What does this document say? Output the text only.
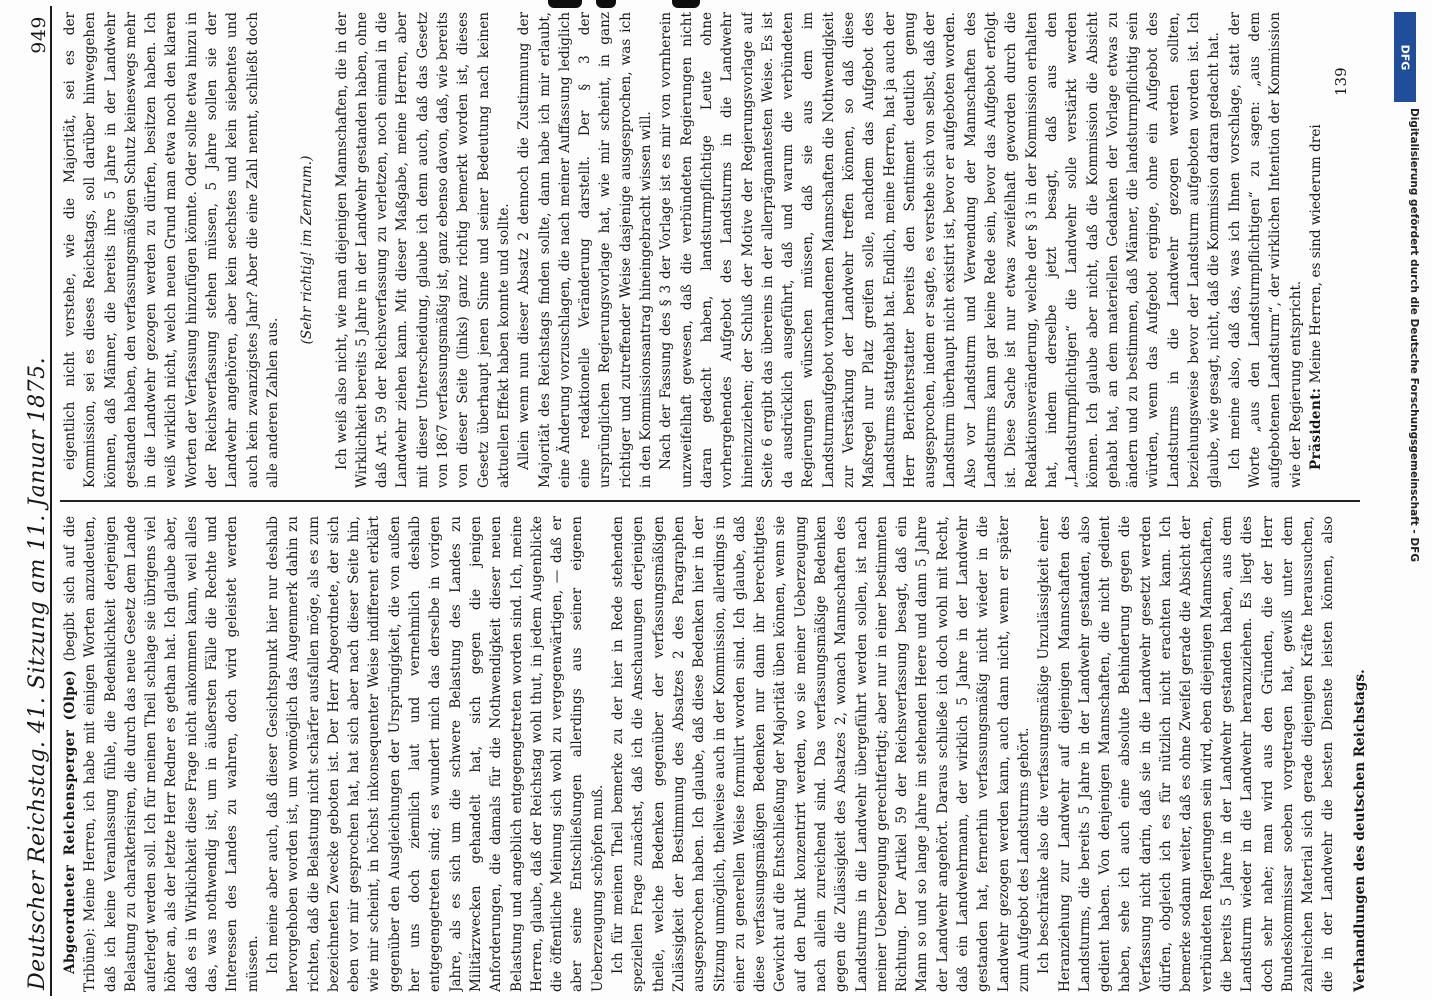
Deutscher Reichstag. 41. Sitzung am 11. Januar 1875.
949

Abgeordneter Reichensperger (Olpe) (begibt sich auf die Tribüne): Meine Herren, ich habe mit einigen Worten anzudeuten, daß ich keine Veranlassung fühle, die Bedenklichkeit derjenigen Belastung zu charakterisiren, die durch das neue Gesetz dem Lande auferlegt werden soll. Ich für meinen Theil schlage sie übrigens viel höher an, als der letzte Herr Redner es gethan hat. Ich glaube aber, daß es in Wirklichkeit diese Frage nicht ankommen kann, weil alles das, was nothwendig ist, um in äußersten Fälle die Rechte und Interessen des Landes zu wahren, doch wird geleistet werden müssen. Ich meine aber auch, daß dieser Gesichtspunkt hier nur deshalb hervorgehoben worden ist, um womöglich das Augenmerk dahin zu richten, daß die Belastung nicht schärfer ausfallen möge, als es zum bezeichneten Zwecke geboten ist. Der Herr Abgeordnete, der sich eben vor mir gesprochen hat, hat sich aber nach dieser Seite hin, wie mir scheint, in höchst inkonsequenter Weise indifferent erklärt gegenüber den Ausgleichungen der Ursprüngigkeit, die von außen her uns doch ziemlich laut und vernehmlich deshalb entgegengetreten sind; es wundert mich das derselbe in vorigen Jahre, als es sich um die schwere Belastung des Landes zu Militärzwecken gehandelt hat, sich gegen die jenigen Anforderungen, die damals für die Nothwendigkeit dieser neuen Belastung und angeblich entgegengetreten worden sind. Ich, meine Herren, glaube, daß der Reichstag wohl thut, in jedem Augenblicke die öffentliche Meinung sich wohl zu vergegenwärtigen, — daß er aber seine Entschließungen allerdings aus seiner eigenen Ueberzeugung schöpfen muß. Ich für meinen Theil bemerke zu der hier in Rede stehenden speziellen Frage zunächst, daß ich die Anschauungen derjenigen theile, welche Bedenken gegenüber der verfassungsmäßigen Zulässigkeit der Bestimmung des Absatzes 2 des Paragraphen ausgesprochen haben. Ich glaube, daß diese Bedenken hier in der Sitzung unmöglich, theilweise auch in der Kommission, allerdings in einer zu generellen Weise formulirt worden sind. Ich glaube, daß diese verfassungsmäßigen Bedenken nur dann ihr berechtigtes Gewicht auf die Entschließung der Majorität üben können, wenn sie auf den Punkt konzentrirt werden, wo sie meiner Ueberzeugung nach allein zureichend sind. Das verfassungsmäßige Bedenken gegen die Zulässigkeit des Absatzes 2, wonach Mannschaften des Landsturms in die Landwehr übergeführt werden sollen, ist nach meiner Ueberzeugung gerechtfertigt; aber nur in einer bestimmten Richtung. Der Artikel 59 der Reichsverfassung besagt, daß ein Mann so und so lange Jahre im stehenden Heere und dann 5 Jahre der Landwehr angehört. Daraus schließe ich doch wohl mit Recht, daß ein Landwehrmann, der wirklich 5 Jahre in der Landwehr gestanden hat, fernerhin verfassungsmäßig nicht wieder in die Landwehr gezogen werden kann, auch dann nicht, wenn er später zum Aufgebot des Landsturms gehört. Ich beschränke also die verfassungsmäßige Unzulässigkeit einer Heranziehung zur Landwehr auf diejenigen Mannschaften des Landsturms, die bereits 5 Jahre in der Landwehr gestanden, also gedient haben. Von denjenigen Mannschaften, die nicht gedient haben, sehe ich auch eine absolute Behinderung gegen die Verfassung nicht darin, daß sie in die Landwehr gesetzt werden dürfen, obgleich ich es für nützlich nicht erachten kann. Ich bemerke sodann weiter, daß es ohne Zweifel gerade die Absicht der verbündeten Regierungen sein wird, eben diejenigen Mannschaften, die bereits 5 Jahre in der Landwehr gestanden haben, aus dem Landsturm wieder in die Landwehr heranzuziehen. Es liegt dies doch sehr nahe; man wird aus den Gründen, die der Herr Bundeskommissar soeben vorgetragen hat, gewiß unter dem zahlreichen Material sich gerade diejenigen Kräfte heraussuchen, die in der Landwehr die besten Dienste leisten können, also

eigentlich nicht verstehe, wie die Majorität, sei es der Kommission, sei es dieses Reichstags, soll darüber hinweggehen können, daß Männer, die bereits ihre 5 Jahre in der Landwehr gestanden haben, den verfassungsmäßigen Schutz keineswegs mehr in die Landwehr gezogen werden zu dürfen, besitzen haben. Ich weiß wirklich nicht, welch neuen Grund man etwa noch den klaren Worten der Verfassung hinzufügen könnte. Oder sollte etwa hinzu in der Reichsverfassung stehen müssen, 5 Jahre sollen sie der Landwehr angehören, aber kein sechstes und kein siebentes und auch kein zwanzigstes Jahr? Aber die eine Zahl nennt, schließt doch alle anderen Zahlen aus.

(Sehr richtig! im Zentrum.) Ich weiß also nicht, wie man diejenigen Mannschaften, die in der Wirklichkeit bereits 5 Jahre in der Landwehr gestanden haben, ohne daß Art. 59 der Reichsverfassung zu verletzen, noch einmal in die Landwehr ziehen kann. Mit dieser Maßgabe, meine Herren, aber mit dieser Unterscheidung, glaube ich denn auch, daß das Gesetz von 1867 verfassungsmäßig ist, ganz ebenso davon, daß, wie bereits von dieser Seite (links) ganz richtig bemerkt worden ist, dieses Gesetz überhaupt jenen Sinne und seiner Bedeutung nach keinen aktuellen Effekt haben konnte und sollte. Allein wenn nun dieser Absatz 2 dennoch die Zustimmung der Majorität des Reichstags finden sollte, dann habe ich mir erlaubt, eine Änderung vorzuschlagen, die nach meiner Auffassung lediglich eine redaktionelle Veränderung darstellt. Der § 3 der ursprünglichen Regierungsvorlage hat, wie mir scheint, in ganz richtiger und zutreffender Weise dasjenige ausgesprochen, was ich in den Kommissionsantrag hineingebracht wissen will. Nach der Fassung des § 3 der Vorlage ist es mir von vornherein unzweifelhaft gewesen, daß die verbündeten Regierungen nicht daran gedacht haben, landsturmpflichtige Leute ohne vorhergehendes Aufgebot des Landsturms in die Landwehr hineinzuziehen; der Schluß der Motive der Regierungsvorlage auf Seite 6 ergibt das übereins in der allerprägnantesten Weise. Es ist da ausdrücklich ausgeführt, daß und warum die verbündeten Regierungen wünschen müssen, daß sie aus dem im Landsturmaufgebot vorhandenen Mannschaften die Nothwendigkeit zur Verstärkung der Landwehr treffen können, so daß diese Maßregel nur Platz greifen solle, nachdem das Aufgebot des Landsturms stattgehabt hat. Endlich, meine Herren, hat ja auch der Herr Berichterstatter bereits den Sentiment deutlich genug ausgesprochen, indem er sagte, es verstehe sich von selbst, daß der Landsturm überhaupt nicht existirt ist, bevor er aufgeboten worden. Also vor Landsturm und Verwendung der Mannschaften des Landsturms kann gar keine Rede sein, bevor das Aufgebot erfolgt ist. Diese Sache ist nur etwas zweifelhaft geworden durch die Redaktionsveränderung, welche der § 3 in der Kommission erhalten hat, indem derselbe jetzt besagt, daß aus den „Landsturmpflichtigen“ die Landwehr solle verstärkt werden können. Ich glaube aber nicht, daß die Kommission die Absicht gehabt hat, an dem materiellen Gedanken der Vorlage etwas zu ändern und zu bestimmen, daß Männer, die landsturmpflichtig sein würden, wenn das Aufgebot erginge, ohne ein Aufgebot des Landsturms in die Landwehr gezogen werden sollten, beziehungsweise bevor der Landsturm aufgeboten worden ist. Ich glaube, wie gesagt, nicht, daß die Kommission daran gedacht hat. Ich meine also, daß das, was ich Ihnen vorschlage, statt der Worte „aus den Landsturmpflichtigen“ zu sagen: „aus dem aufgebotenen Landsturm“, der wirklichen Intention der Kommission wie der Regierung entspricht. Präsident: Meine Herren, es sind wiederum drei

Verhandlungen des deutschen Reichstags.
139
DFG
Digitalisierung gefördert durch die Deutsche Forschungsgemeinschaft - DFG
